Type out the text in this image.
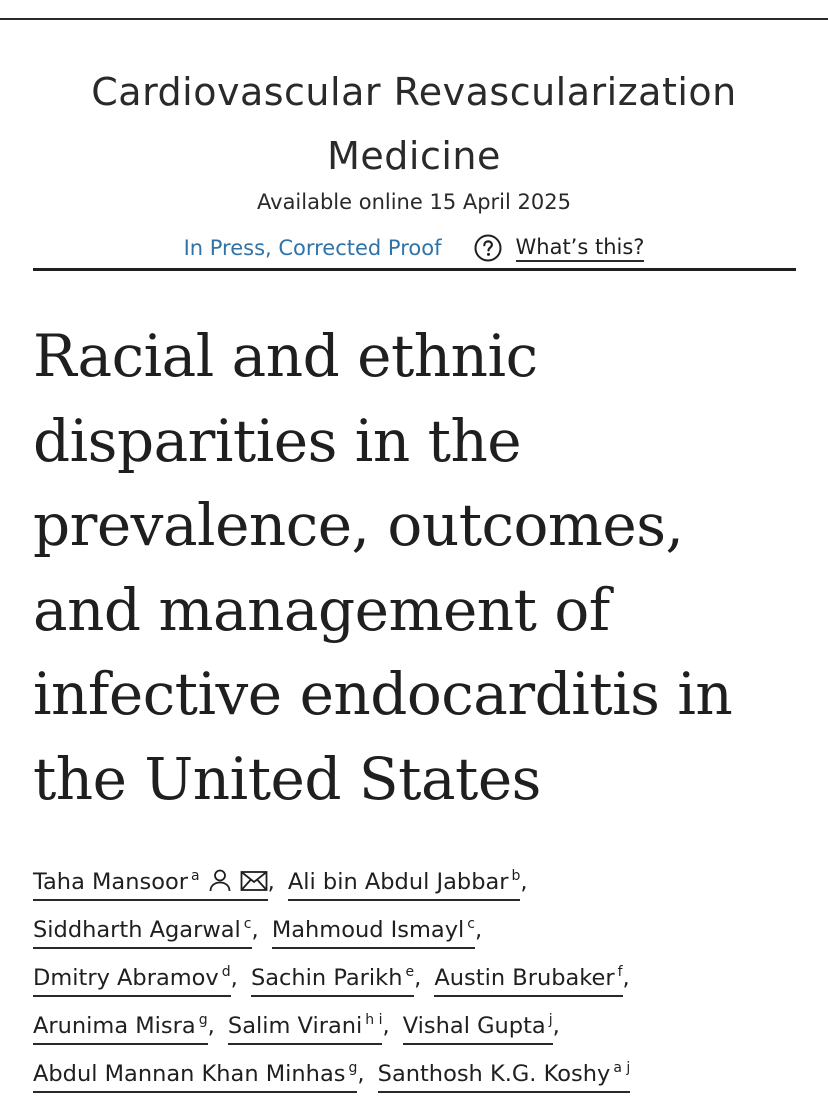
Cardiovascular Revascularization
Medicine
Available online 15 April 2025
In Press, Corrected Proof	What’s this?
Racial and ethnic disparities in the prevalence, outcomes, and management of infective endocarditis in the United States
Taha Mansoor $^a$	, Ali bin Abdul Jabbar $^b$,
Siddharth Agarwal $^c$, Mahmoud Ismayl $^c$,
Dmitry Abramov $^d$, Sachin Parikh $^e$, Austin Brubaker $^f$,
Arunima Misra $^g$, Salim Virani $^{h i}$, Vishal Gupta $^j$,
Abdul Mannan Khan Minhas $^g$, Santhosh K.G. Koshy $^{a j}$
